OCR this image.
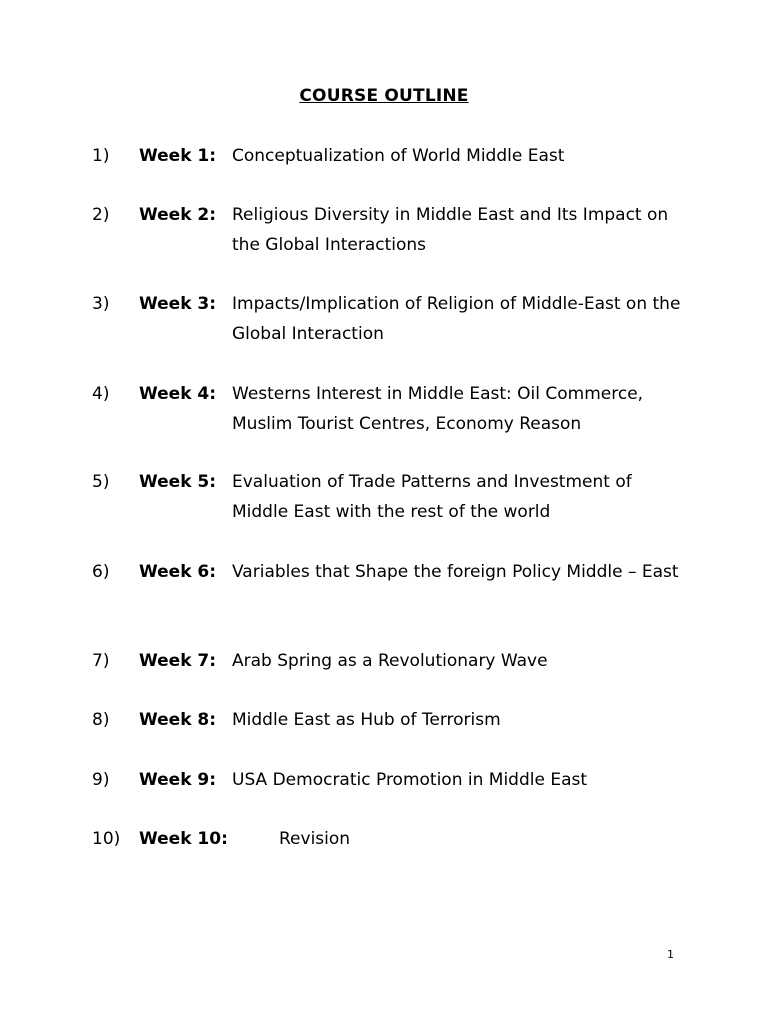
COURSE OUTLINE
1) Week 1: Conceptualization of World Middle East
2) Week 2: Religious Diversity in Middle East and Its Impact on the Global Interactions
3) Week 3: Impacts/Implication of Religion of Middle-East on the Global Interaction
4) Week 4: Westerns Interest in Middle East: Oil Commerce, Muslim Tourist Centres, Economy Reason
5) Week 5: Evaluation of Trade Patterns and Investment of Middle East with the rest of the world
6) Week 6: Variables that Shape the foreign Policy Middle – East
7) Week 7: Arab Spring as a Revolutionary Wave
8) Week 8: Middle East as Hub of Terrorism
9) Week 9: USA Democratic Promotion in Middle East
10) Week 10:	Revision
1
